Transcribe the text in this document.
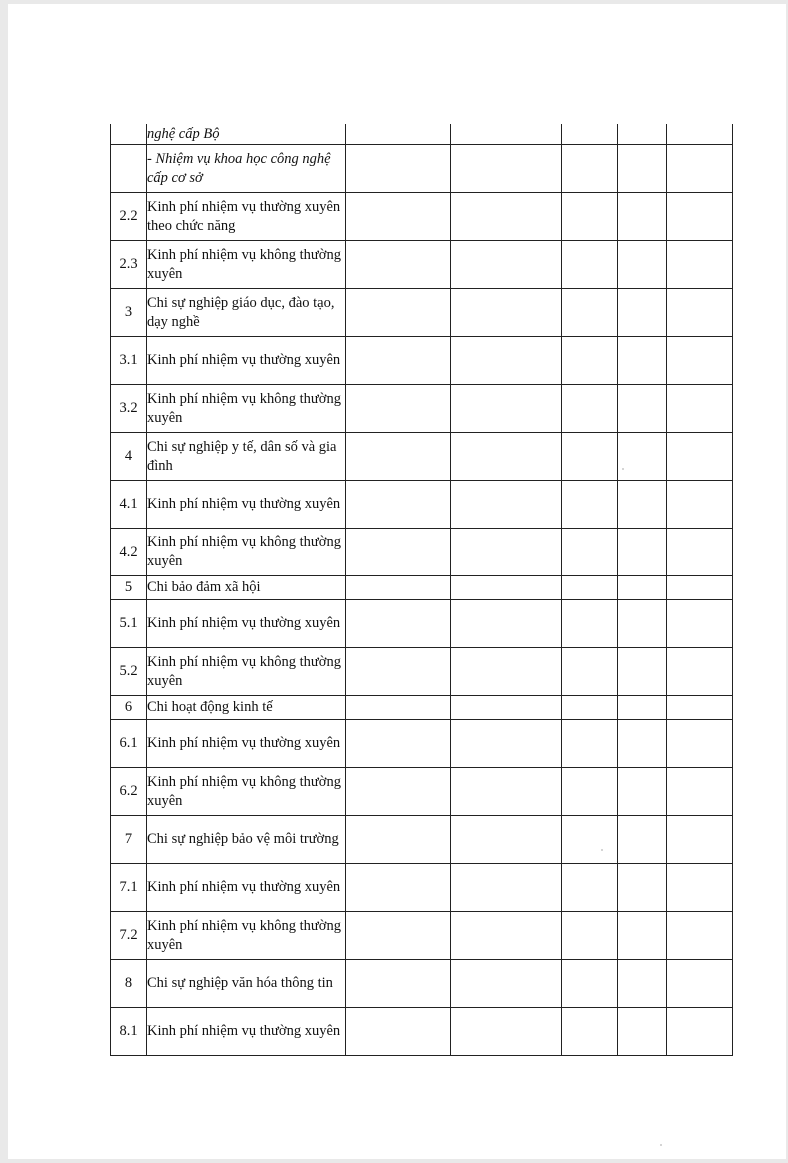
	nghệ cấp Bộ					
	- Nhiệm vụ khoa học công nghệ cấp cơ sở					
2.2	Kinh phí nhiệm vụ thường xuyên theo chức năng					
2.3	Kinh phí nhiệm vụ không thường xuyên					
3	Chi sự nghiệp giáo dục, đào tạo, dạy nghề					
3.1	Kinh phí nhiệm vụ thường xuyên					
3.2	Kinh phí nhiệm vụ không thường xuyên					
4	Chi sự nghiệp y tế, dân số và gia đình					
4.1	Kinh phí nhiệm vụ thường xuyên					
4.2	Kinh phí nhiệm vụ không thường xuyên					
5	Chi bảo đảm xã hội					
5.1	Kinh phí nhiệm vụ thường xuyên					
5.2	Kinh phí nhiệm vụ không thường xuyên					
6	Chi hoạt động kinh tế					
6.1	Kinh phí nhiệm vụ thường xuyên					
6.2	Kinh phí nhiệm vụ không thường xuyên					
7	Chi sự nghiệp bảo vệ môi trường					
7.1	Kinh phí nhiệm vụ thường xuyên					
7.2	Kinh phí nhiệm vụ không thường xuyên					
8	Chi sự nghiệp văn hóa thông tin					
8.1	Kinh phí nhiệm vụ thường xuyên					
